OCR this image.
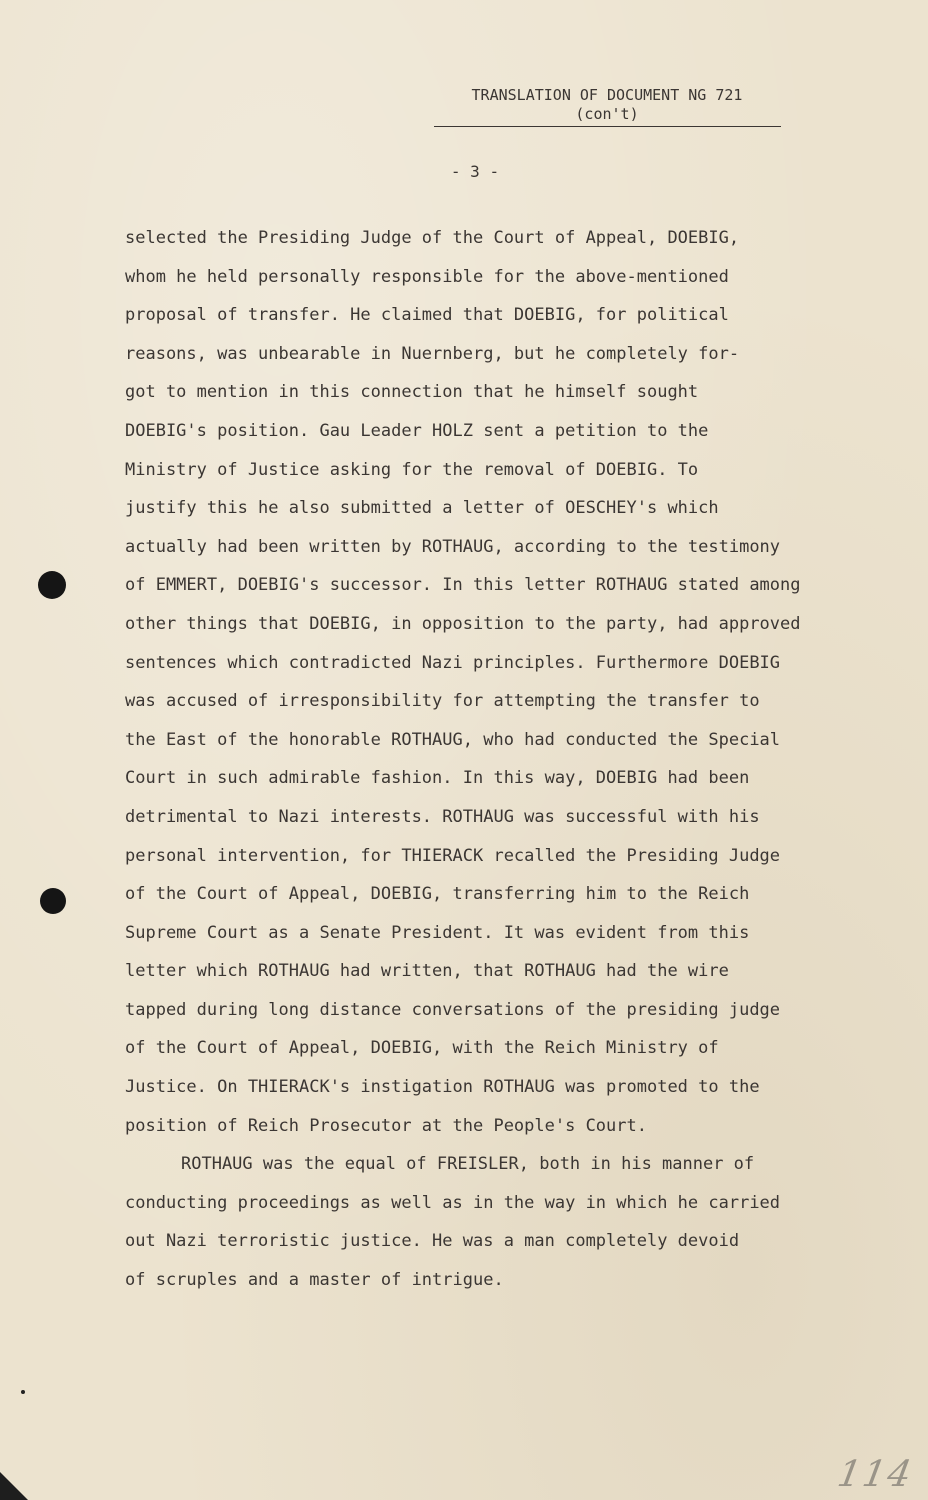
TRANSLATION OF DOCUMENT NG 721
(con't)
- 3 -
selected the Presiding Judge of the Court of Appeal, DOEBIG,
whom he held personally responsible for the above-mentioned
proposal of transfer. He claimed that DOEBIG, for political
reasons, was unbearable in Nuernberg, but he completely for-
got to mention in this connection that he himself sought
DOEBIG's position. Gau Leader HOLZ sent a petition to the
Ministry of Justice asking for the removal of DOEBIG. To
justify this he also submitted a letter of OESCHEY's which
actually had been written by ROTHAUG, according to the testimony
of EMMERT, DOEBIG's successor. In this letter ROTHAUG stated among
other things that DOEBIG, in opposition to the party, had approved
sentences which contradicted Nazi principles. Furthermore DOEBIG
was accused of irresponsibility for attempting the transfer to
the East of the honorable ROTHAUG, who had conducted the Special
Court in such admirable fashion. In this way, DOEBIG had been
detrimental to Nazi interests. ROTHAUG was successful with his
personal intervention, for THIERACK recalled the Presiding Judge
of the Court of Appeal, DOEBIG, transferring him to the Reich
Supreme Court as a Senate President. It was evident from this
letter which ROTHAUG had written, that ROTHAUG had the wire
tapped during long distance conversations of the presiding judge
of the Court of Appeal, DOEBIG, with the Reich Ministry of
Justice. On THIERACK's instigation ROTHAUG was promoted to the
position of Reich Prosecutor at the People's Court.
ROTHAUG was the equal of FREISLER, both in his manner of
conducting proceedings as well as in the way in which he carried
out Nazi terroristic justice. He was a man completely devoid
of scruples and a master of intrigue.
114
